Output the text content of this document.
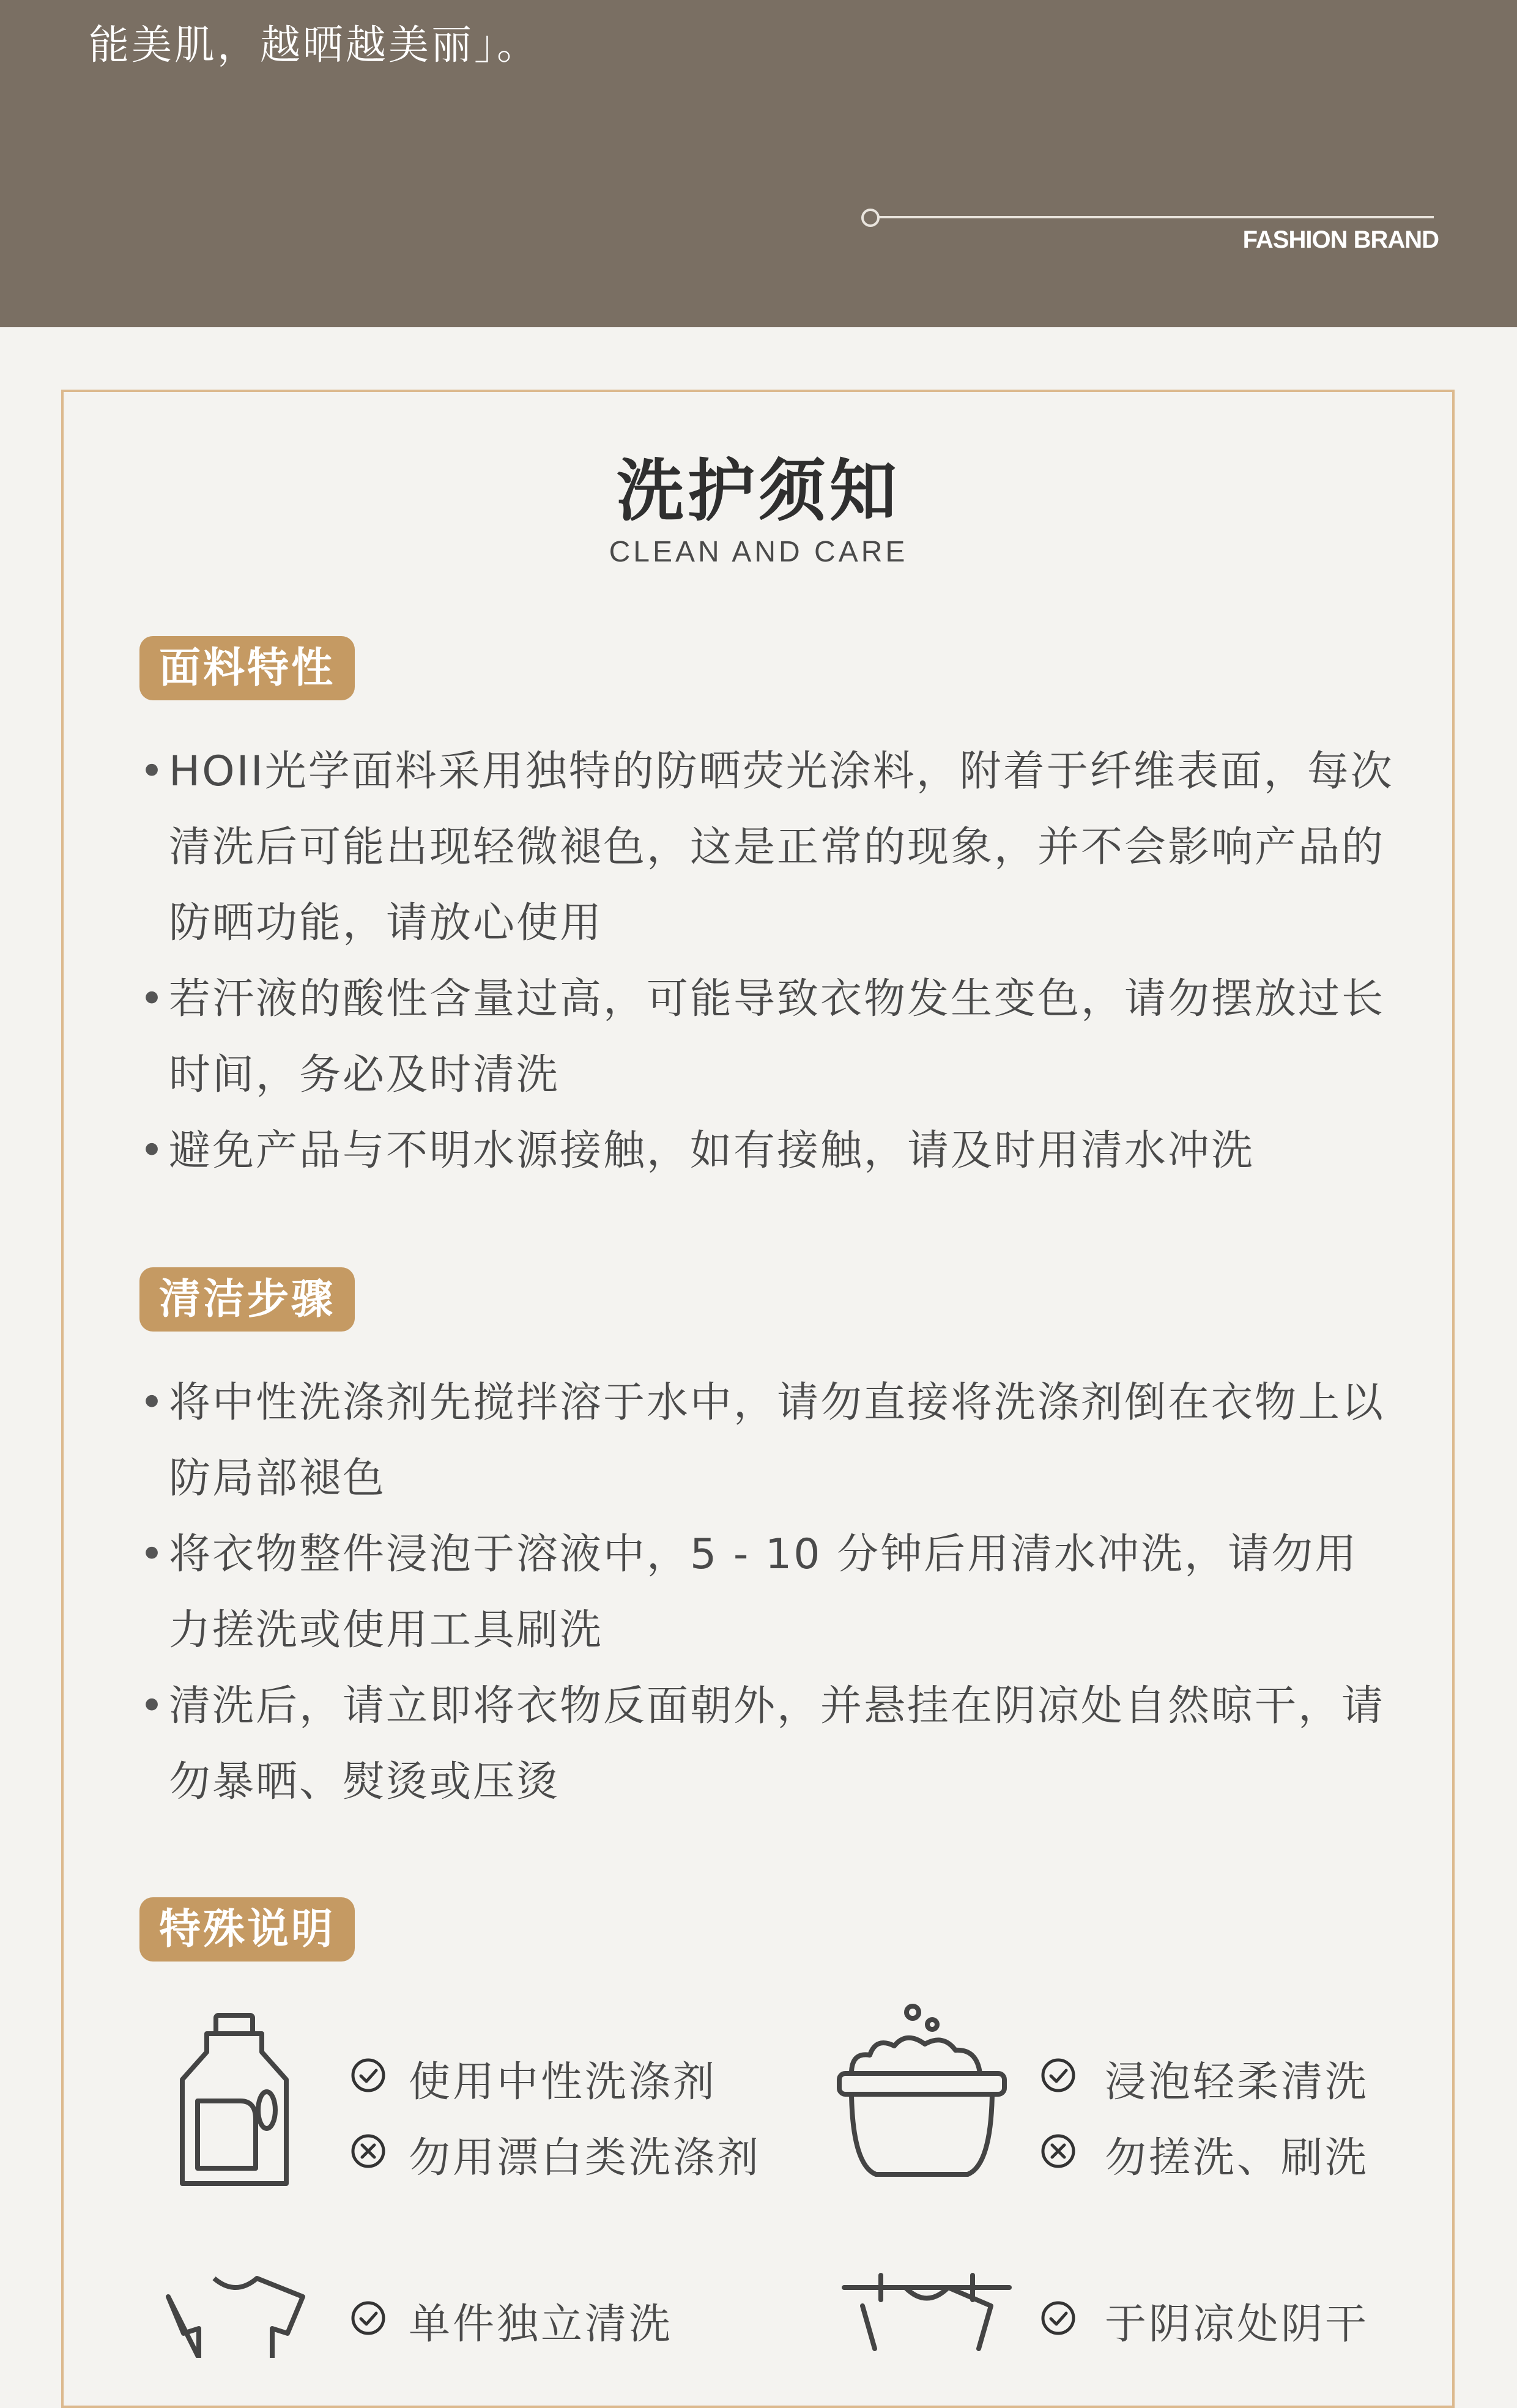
能美肌，越晒越美丽」。
FASHION BRAND
洗护须知
CLEAN AND CARE
面料特性
• HOII光学面料采用独特的防晒荧光涂料，附着于纤维表面，每次清洗后可能出现轻微褪色，这是正常的现象，并不会影响产品的防晒功能，请放心使用
• 若汗液的酸性含量过高，可能导致衣物发生变色，请勿摆放过长时间，务必及时清洗
• 避免产品与不明水源接触，如有接触，请及时用清水冲洗
清洁步骤
• 将中性洗涤剂先搅拌溶于水中，请勿直接将洗涤剂倒在衣物上以防局部褪色
• 将衣物整件浸泡于溶液中，5 - 10 分钟后用清水冲洗，请勿用力搓洗或使用工具刷洗
• 清洗后，请立即将衣物反面朝外，并悬挂在阴凉处自然晾干，请勿暴晒、熨烫或压烫
特殊说明
使用中性洗涤剂
勿用漂白类洗涤剂
浸泡轻柔清洗
勿搓洗、刷洗
单件独立清洗	于阴凉处阴干
